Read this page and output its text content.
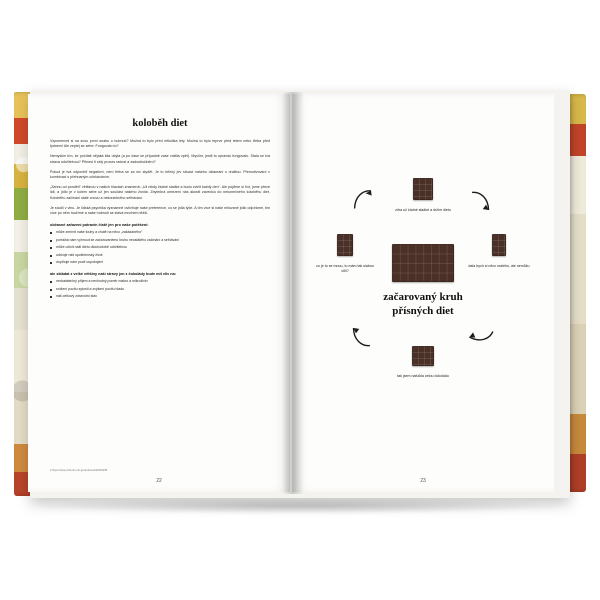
koloběh diet

Vzpomeneš si na svou první snahu o hubnutí? Možná to bylo před několika lety. Možná to bylo teprve před letem nebo třeba před týdnem! Ale zeptej se sebe: Fungovalo to?

Nemyslím tím, že počítáš nějaká kila ubyla (a po čase se případně zase vrátila zpět). Myslím, jestli to opravdu fungovalo. Stala se tvá strava udržitelnou? Přinesl ti celý proces radost a zadostiučinění?

Pokud je tvá odpověď negativní, není třeba se za nic stydět. Je to běžný jev situaci našeho oklamání s realitou. Přemotivování v kombinaci s přehnaným očekáváním.

„Zahnu od pondělí“ většinou v našich hlavách znamená: „Už nikdy žádné sladké a budu cvičit každý den“. Ale pojďme si říct, jsme přece lidi, a jídlo je v kolem sebe už jen součást našeho života. Zbytečná omezení nás akorát zavedou do nekonečného koloběhu diet. Koloběhu začínání stále znovu a nekonečného selhávání.

Je studií v vinu. Je lidská psychika významně ovlivňuje naše preference, co se jídla týče. A tím více si naše milované jídlo odpíráme, tím více po něm toužíme a naše hubnutí se stává mnohem těžší.

občasné zařazení potravin čistě jen pro naše potěšení:
může zmírnit naše touhy a chutě na něco „zakázaného“
pomáhá nám vyhnout se začarovanému kruhu neustálého začínání a selhávání
může učinit naši dietu dlouhodobě udržitelnou
udržuje náš společenský život
doplňuje nám pocit uspokojení
ale skládat z velké většiny naší stravy jen z čokolády bude mít vliv na:
nedostatečný příjem a nevhodný poměr makro a mikroživin
snížení pocitu sytosti a zvýšení pocitu hladu
náš celkový zdravotní stav
2 https://www.ncbi.nlm.nih.gov/pubmed/22534295
22
zítra už žádné sladké a držím dietu
dala bych si něco malého, ale nemůžu
tak jsem nafúčila celou čokoládu
co je to se mnou, to mám tak slabou vůli?
začarovaný kruh
přísných diet
23
